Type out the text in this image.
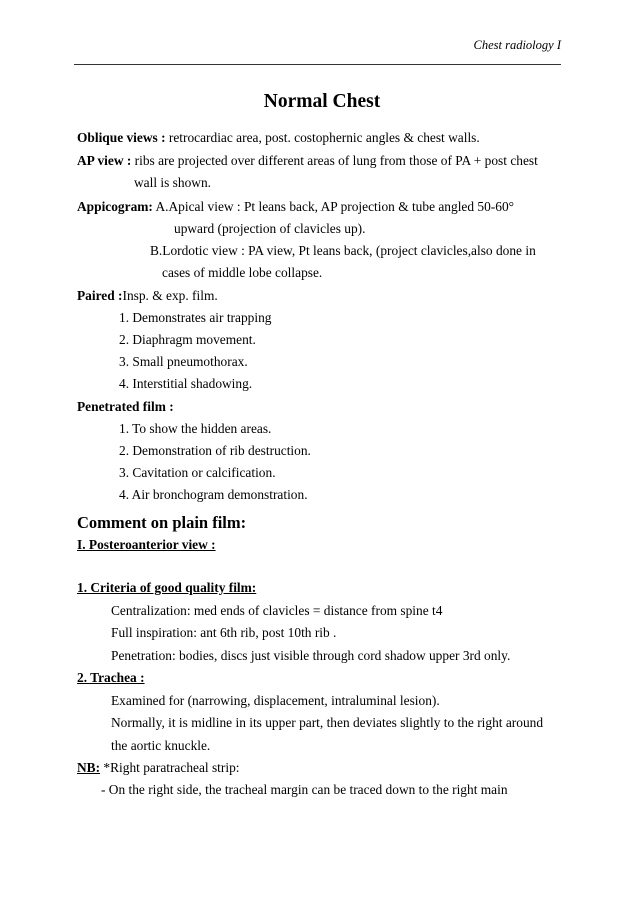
Chest radiology I
Normal Chest
Oblique views : retrocardiac area, post. costophernic angles & chest walls.
AP view : ribs are projected over different areas of lung from those of PA + post chest
wall is shown.
Appicogram: A.Apical view : Pt leans back, AP projection & tube angled 50-60°
upward (projection of clavicles up).
B.Lordotic view : PA view, Pt leans back, (project clavicles,also done in
cases of middle lobe collapse.
Paired :Insp. & exp. film.
1. Demonstrates air trapping
2. Diaphragm movement.
3. Small pneumothorax.
4. Interstitial shadowing.
Penetrated film :
1. To show the hidden areas.
2. Demonstration of rib destruction.
3. Cavitation or calcification.
4. Air bronchogram demonstration.
Comment on plain film:
I. Posteroanterior view :
1. Criteria of good quality film:
Centralization: med ends of clavicles = distance from spine t4
Full inspiration: ant 6th rib, post 10th rib .
Penetration: bodies, discs just visible through cord shadow upper 3rd only.
2. Trachea :
Examined for (narrowing, displacement, intraluminal lesion).
Normally, it is midline in its upper part, then deviates slightly to the right around
the aortic knuckle.
NB: *Right paratracheal strip:
- On the right side, the tracheal margin can be traced down to the right main
